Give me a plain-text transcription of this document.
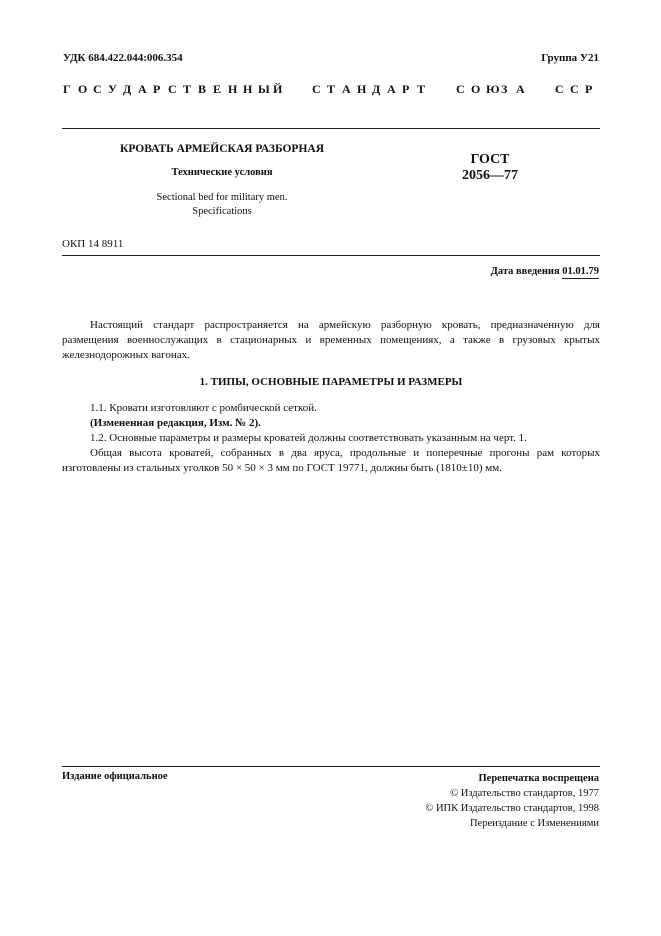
УДК 684.422.044:006.354	Группа У21
Г О С У Д А Р С Т В Е Н Н Ы Й	С Т А Н Д А Р Т	С О Ю З А	С С Р
КРОВАТЬ АРМЕЙСКАЯ РАЗБОРНАЯ
Технические условия
Sectional bed for military men.
Specifications
ГОСТ
2056—77
ОКП 14 8911
Дата введения 01.01.79
Настоящий стандарт распространяется на армейскую разборную кровать, предназначенную для размещения военнослужащих в стационарных и временных помещениях, а также в грузовых крытых железнодорожных вагонах.
1. ТИПЫ, ОСНОВНЫЕ ПАРАМЕТРЫ И РАЗМЕРЫ
1.1. Кровати изготовляют с ромбической сеткой.
(Измененная редакция, Изм. № 2).
1.2. Основные параметры и размеры кроватей должны соответствовать указанным на черт. 1.
Общая высота кроватей, собранных в два яруса, продольные и поперечные прогоны рам которых изготовлены из стальных уголков 50 × 50 × 3 мм по ГОСТ 19771, должны быть (1810±10) мм.
Издание официальное	Перепечатка воспрещена
© Издательство стандартов, 1977
© ИПК Издательство стандартов, 1998
Переиздание с Изменениями
